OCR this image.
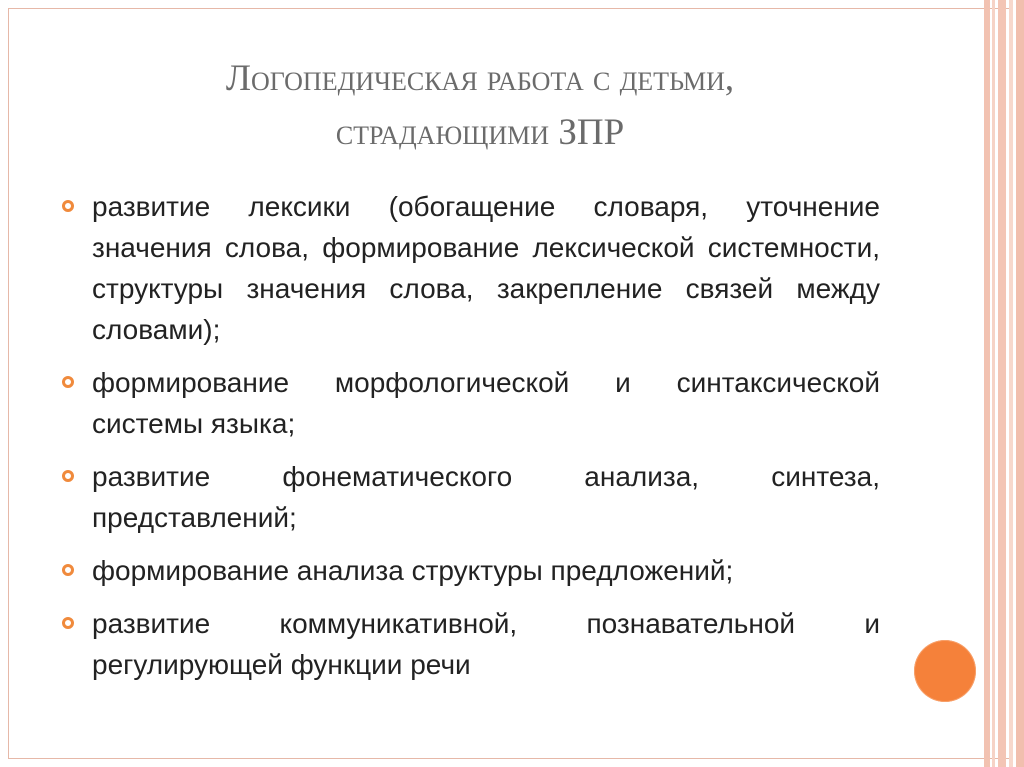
Логопедическая работа с детьми,
страдающими ЗПР
развитие лексики (обогащение словаря, уточнение значения слова, формирование лексической системности, структуры значения слова, закрепление связей между словами);
формирование морфологической и синтаксической системы языка;
развитие фонематического анализа, синтеза, представлений;
формирование анализа структуры предложений;
развитие коммуникативной, познавательной и регулирующей функции речи
